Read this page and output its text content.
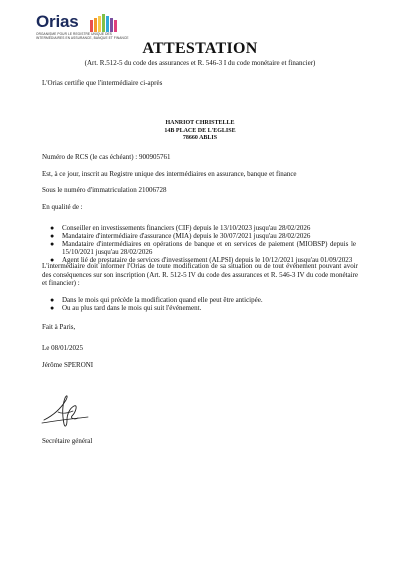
Orias
ORGANISME POUR LE REGISTRE UNIQUE DES
INTERMÉDIAIRES EN ASSURANCE, BANQUE ET FINANCE
ATTESTATION
(Art. R.512-5 du code des assurances et R. 546-3 I du code monétaire et financier)

L'Orias certifie que l'intermédiaire ci-après

HANRIOT CHRISTELLE
14B PLACE DE L'EGLISE
78660 ABLIS

Numéro de RCS (le cas échéant) : 900905761

Est, à ce jour, inscrit au Registre unique des intermédiaires en assurance, banque et finance

Sous le numéro d'immatriculation 21006728

En qualité de :

● Conseiller en investissements financiers (CIF) depuis le 13/10/2023 jusqu'au 28/02/2026
● Mandataire d'intermédiaire d'assurance (MIA) depuis le 30/07/2021 jusqu'au 28/02/2026
● Mandataire d'intermédiaires en opérations de banque et en services de paiement (MIOBSP) depuis le 15/10/2021 jusqu'au 28/02/2026
● Agent lié de prestataire de services d'investissement (ALPSI) depuis le 10/12/2021 jusqu'au 01/09/2023

L'intermédiaire doit informer l'Orias de toute modification de sa situation ou de tout événement pouvant avoir des conséquences sur son inscription (Art. R. 512-5 IV du code des assurances et R. 546-3 IV du code monétaire et financier) :

● Dans le mois qui précède la modification quand elle peut être anticipée.
● Ou au plus tard dans le mois qui suit l'événement.

Fait à Paris,

Le 08/01/2025

Jérôme SPERONI

Secrétaire général
